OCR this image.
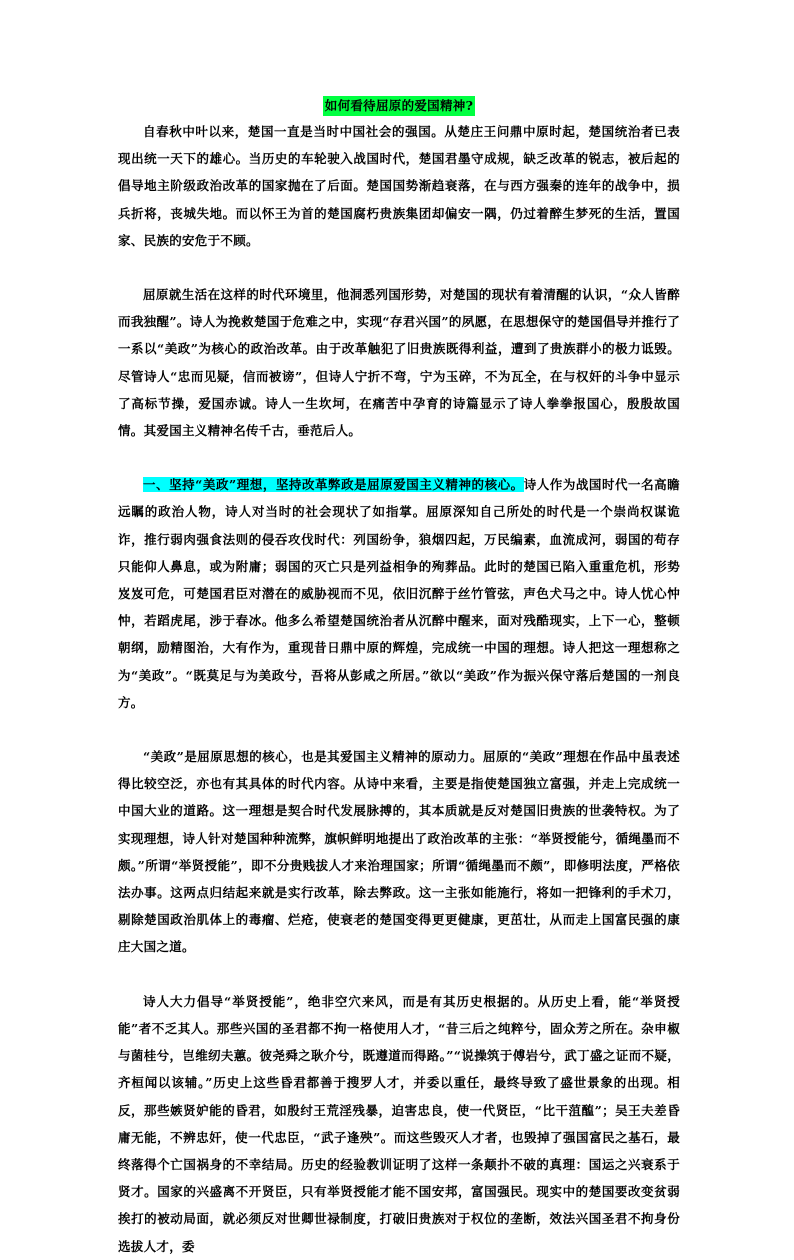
如何看待屈原的爱国精神?

自春秋中叶以来，楚国一直是当时中国社会的强国。从楚庄王问鼎中原时起，楚国统治者已表现出统一天下的雄心。当历史的车轮驶入战国时代，楚国君墨守成规，缺乏改革的锐志，被后起的倡导地主阶级政治改革的国家抛在了后面。楚国国势渐趋衰落，在与西方强秦的连年的战争中，损兵折将，丧城失地。而以怀王为首的楚国腐朽贵族集团却偏安一隅，仍过着醉生梦死的生活，置国家、民族的安危于不顾。

屈原就生活在这样的时代环境里，他洞悉列国形势，对楚国的现状有着清醒的认识，“众人皆醉而我独醒”。诗人为挽救楚国于危难之中，实现“存君兴国”的夙愿，在思想保守的楚国倡导并推行了一系以“美政”为核心的政治改革。由于改革触犯了旧贵族既得利益，遭到了贵族群小的极力诋毁。尽管诗人“忠而见疑，信而被谤”，但诗人宁折不弯，宁为玉碎，不为瓦全，在与权奸的斗争中显示了高标节操，爱国赤诚。诗人一生坎坷，在痛苦中孕育的诗篇显示了诗人拳拳报国心，殷殷故国情。其爱国主义精神名传千古，垂范后人。

一、坚持“美政”理想，坚持改革弊政是屈原爱国主义精神的核心。诗人作为战国时代一名高瞻远瞩的政治人物，诗人对当时的社会现状了如指掌。屈原深知自己所处的时代是一个崇尚权谋诡诈，推行弱肉强食法则的侵吞攻伐时代：列国纷争，狼烟四起，万民编素，血流成河，弱国的苟存只能仰人鼻息，或为附庸；弱国的灭亡只是列益相争的殉葬品。此时的楚国已陷入重重危机，形势岌岌可危，可楚国君臣对潜在的威胁视而不见，依旧沉醉于丝竹管弦，声色犬马之中。诗人忧心忡忡，若蹈虎尾，涉于春冰。他多么希望楚国统治者从沉醉中醒来，面对残酷现实，上下一心，整顿朝纲，励精图治，大有作为，重现昔日鼎中原的辉煌，完成统一中国的理想。诗人把这一理想称之为“美政”。“既莫足与为美政兮，吾将从彭咸之所居。”欲以“美政”作为振兴保守落后楚国的一剂良方。

“美政”是屈原思想的核心，也是其爱国主义精神的原动力。屈原的“美政”理想在作品中虽表述得比较空泛，亦也有其具体的时代内容。从诗中来看，主要是指使楚国独立富强，并走上完成统一中国大业的道路。这一理想是契合时代发展脉搏的，其本质就是反对楚国旧贵族的世袭特权。为了实现理想，诗人针对楚国种种流弊，旗帜鲜明地提出了政治改革的主张：“举贤授能兮，循绳墨而不颇。”所谓“举贤授能”，即不分贵贱拔人才来治理国家；所谓“循绳墨而不颇”，即修明法度，严格依法办事。这两点归结起来就是实行改革，除去弊政。这一主张如能施行，将如一把锋利的手术刀，剔除楚国政治肌体上的毒瘤、烂疮，使衰老的楚国变得更更健康，更茁壮，从而走上国富民强的康庄大国之道。

诗人大力倡导“举贤授能”，绝非空穴来风，而是有其历史根据的。从历史上看，能“举贤授能”者不乏其人。那些兴国的圣君都不拘一格使用人才，“昔三后之纯粹兮，固众芳之所在。杂申椒与菌桂兮，岂维纫夫蕙。彼尧舜之耿介兮，既遵道而得路。”“说操筑于傅岩兮，武丁盛之证而不疑，齐桓闻以该辅。”历史上这些昏君都善于搜罗人才，并委以重任，最终导致了盛世景象的出现。相反，那些嫉贤妒能的昏君，如殷纣王荒淫残暴，迫害忠良，使一代贤臣，“比干菹醢”；吴王夫差昏庸无能，不辨忠奸，使一代忠臣，“武子逢殃”。而这些毁灭人才者，也毁掉了强国富民之基石，最终落得个亡国祸身的不幸结局。历史的经验教训证明了这样一条颠扑不破的真理：国运之兴衰系于贤才。国家的兴盛离不开贤臣，只有举贤授能才能不国安邦，富国强民。现实中的楚国要改变贫弱挨打的被动局面，就必须反对世卿世禄制度，打破旧贵族对于权位的垄断，效法兴国圣君不拘身份选拔人才，委
